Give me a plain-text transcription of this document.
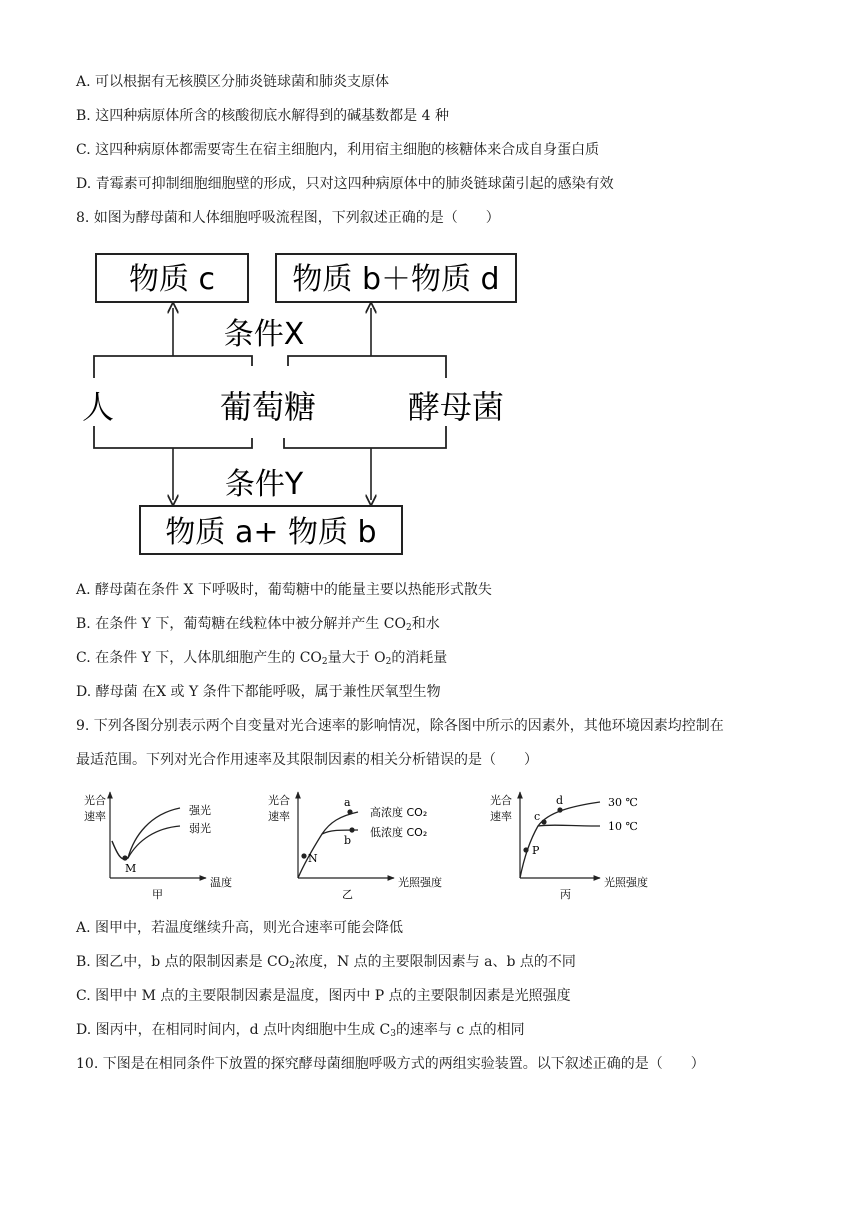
A. 可以根据有无核膜区分肺炎链球菌和肺炎支原体
B. 这四种病原体所含的核酸彻底水解得到的碱基数都是 4 种
C. 这四种病原体都需要寄生在宿主细胞内，利用宿主细胞的核糖体来合成自身蛋白质
D. 青霉素可抑制细胞细胞壁的形成，只对这四种病原体中的肺炎链球菌引起的感染有效
8. 如图为酵母菌和人体细胞呼吸流程图，下列叙述正确的是（　　）
物质 c	物质 b＋物质 d
条件X
人	葡萄糖	酵母菌
条件Y
物质 a+ 物质 b
A. 酵母菌在条件 X 下呼吸时，葡萄糖中的能量主要以热能形式散失
B. 在条件 Y 下，葡萄糖在线粒体中被分解并产生 $CO_2$和水
C. 在条件 Y 下，人体肌细胞产生的 $CO_2$量大于 $O_2$的消耗量
D. 酵母菌 在X 或 Y 条件下都能呼吸，属于兼性厌氧型生物
9. 下列各图分别表示两个自变量对光合速率的影响情况，除各图中所示的因素外，其他环境因素均控制在
最适范围。下列对光合作用速率及其限制因素的相关分析错误的是（　　）
光合
速率
M
强光
弱光
温度
甲
光合
速率
a
b
N
高浓度 CO₂
低浓度 CO₂
光照强度
乙
光合
速率 c
d
P
30 ℃
10 ℃
光照强度
丙
A. 图甲中，若温度继续升高，则光合速率可能会降低
B. 图乙中，b 点的限制因素是 $CO_2$浓度，N 点的主要限制因素与 a、b 点的不同
C. 图甲中 M 点的主要限制因素是温度，图丙中 P 点的主要限制因素是光照强度
D. 图丙中，在相同时间内，d 点叶肉细胞中生成 $C_3$的速率与 c 点的相同
10. 下图是在相同条件下放置的探究酵母菌细胞呼吸方式的两组实验装置。以下叙述正确的是（　　）
